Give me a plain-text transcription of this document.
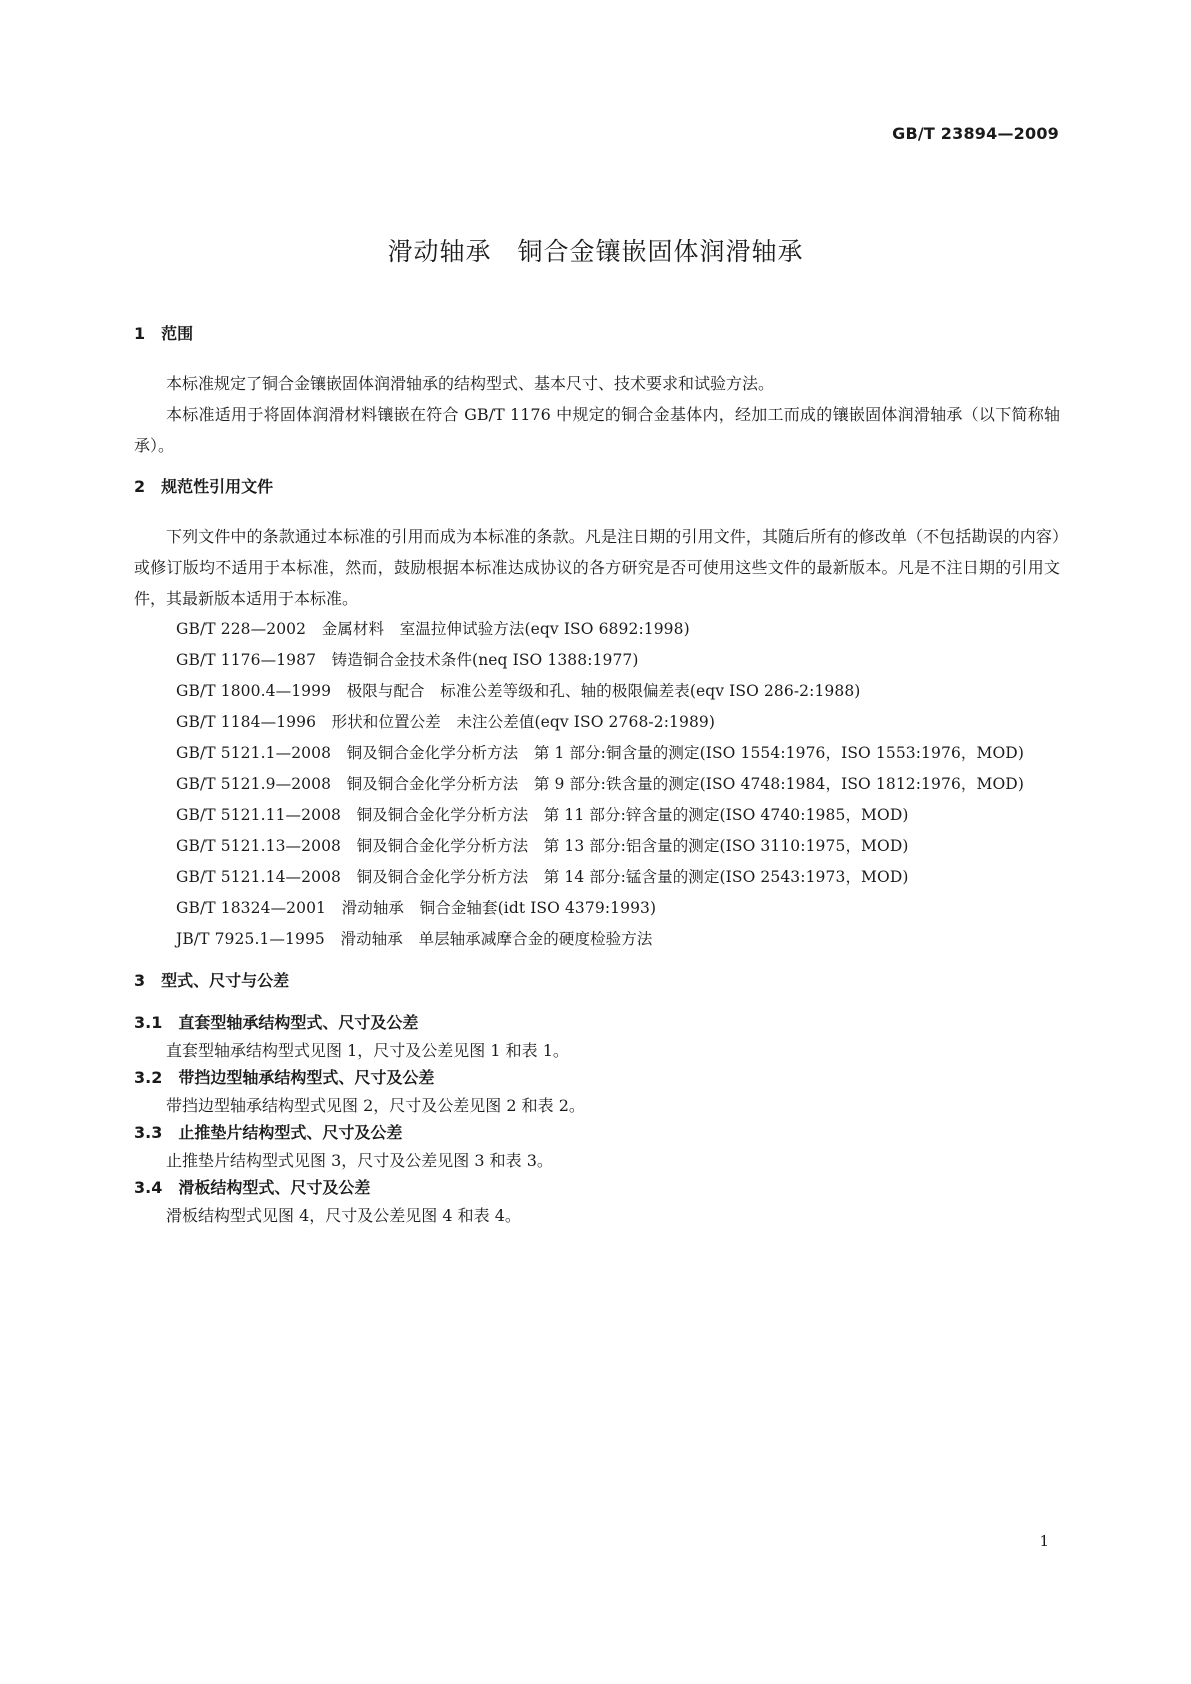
GB/T 23894—2009
滑动轴承　铜合金镶嵌固体润滑轴承
1　范围

本标准规定了铜合金镶嵌固体润滑轴承的结构型式、基本尺寸、技术要求和试验方法。

本标准适用于将固体润滑材料镶嵌在符合 GB/T 1176 中规定的铜合金基体内，经加工而成的镶嵌固体润滑轴承（以下简称轴承）。

2　规范性引用文件

下列文件中的条款通过本标准的引用而成为本标准的条款。凡是注日期的引用文件，其随后所有的修改单（不包括勘误的内容）或修订版均不适用于本标准，然而，鼓励根据本标准达成协议的各方研究是否可使用这些文件的最新版本。凡是不注日期的引用文件，其最新版本适用于本标准。

GB/T 228—2002　金属材料　室温拉伸试验方法(eqv ISO 6892:1998)

GB/T 1176—1987　铸造铜合金技术条件(neq ISO 1388:1977)

GB/T 1800.4—1999　极限与配合　标准公差等级和孔、轴的极限偏差表(eqv ISO 286-2:1988)

GB/T 1184—1996　形状和位置公差　未注公差值(eqv ISO 2768-2:1989)

GB/T 5121.1—2008　铜及铜合金化学分析方法　第 1 部分:铜含量的测定(ISO 1554:1976，ISO 1553:1976，MOD)

GB/T 5121.9—2008　铜及铜合金化学分析方法　第 9 部分:铁含量的测定(ISO 4748:1984，ISO 1812:1976，MOD)

GB/T 5121.11—2008　铜及铜合金化学分析方法　第 11 部分:锌含量的测定(ISO 4740:1985，MOD)

GB/T 5121.13—2008　铜及铜合金化学分析方法　第 13 部分:铝含量的测定(ISO 3110:1975，MOD)

GB/T 5121.14—2008　铜及铜合金化学分析方法　第 14 部分:锰含量的测定(ISO 2543:1973，MOD)

GB/T 18324—2001　滑动轴承　铜合金轴套(idt ISO 4379:1993)

JB/T 7925.1—1995　滑动轴承　单层轴承减摩合金的硬度检验方法

3　型式、尺寸与公差
3.1　直套型轴承结构型式、尺寸及公差

直套型轴承结构型式见图 1，尺寸及公差见图 1 和表 1。

3.2　带挡边型轴承结构型式、尺寸及公差

带挡边型轴承结构型式见图 2，尺寸及公差见图 2 和表 2。

3.3　止推垫片结构型式、尺寸及公差

止推垫片结构型式见图 3，尺寸及公差见图 3 和表 3。

3.4　滑板结构型式、尺寸及公差

滑板结构型式见图 4，尺寸及公差见图 4 和表 4。

1
